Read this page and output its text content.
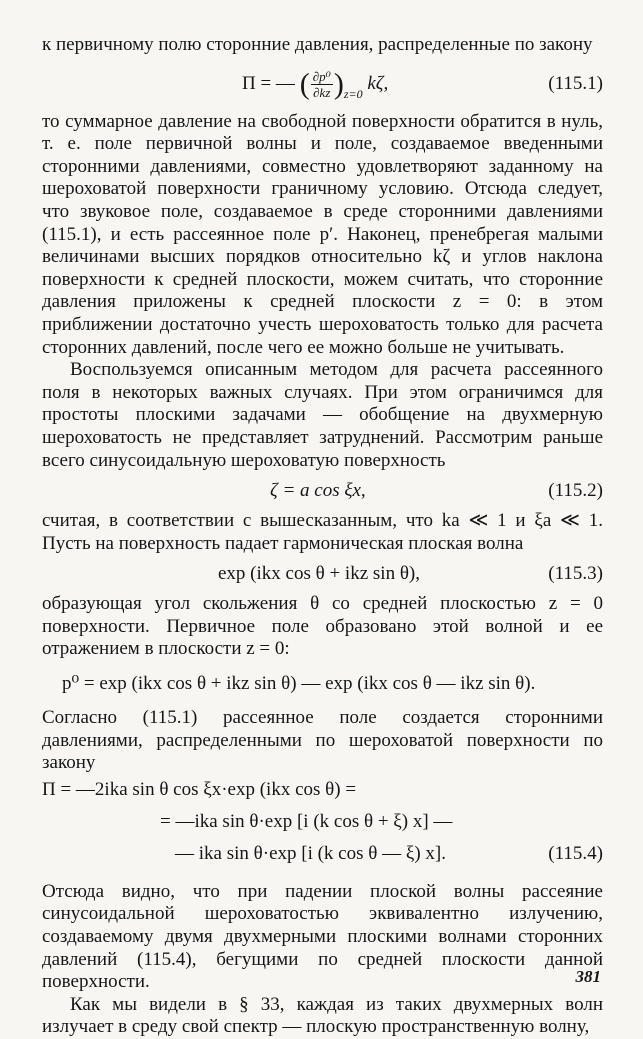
к первичному полю сторонние давления, распределенные по закону

Π = — ( $\frac{\text{∂p⁰}}{\partial kz} )_{z=0}$ kζ,	(115.1)

то суммарное давление на свободной поверхности обратится в нуль, т. е. поле первичной волны и поле, создаваемое введенными сторонними давлениями, совместно удовлетворяют заданному на шероховатой поверхности граничному условию. Отсюда следует, что звуковое поле, создаваемое в среде сторонними давлениями (115.1), и есть рассеянное поле p′. Наконец, пренебрегая малыми величинами высших порядков относительно kζ и углов наклона поверхности к средней плоскости, можем считать, что сторонние давления приложены к средней плоскости z = 0: в этом приближении достаточно учесть шероховатость только для расчета сторонних давлений, после чего ее можно больше не учитывать.

Воспользуемся описанным методом для расчета рассеянного поля в некоторых важных случаях. При этом ограничимся для простоты плоскими задачами — обобщение на двухмерную шероховатость не представляет затруднений. Рассмотрим раньше всего синусоидальную шероховатую поверхность

ζ = a cos ξx,	(115.2)

считая, в соответствии с вышесказанным, что ka ≪ 1 и ξa ≪ 1. Пусть на поверхность падает гармоническая плоская волна

exp (ikx cos θ + ikz sin θ),	(115.3)

образующая угол скольжения θ со средней плоскостью z = 0 поверхности. Первичное поле образовано этой волной и ее отражением в плоскости z = 0:

p⁰ = exp (ikx cos θ + ikz sin θ) — exp (ikx cos θ — ikz sin θ).

Согласно (115.1) рассеянное поле создается сторонними давлениями, распределенными по шероховатой поверхности по закону

Π = —2ika sin θ cos ξx·exp (ikx cos θ) =
= —ika sin θ·exp [i (k cos θ + ξ) x] —
— ika sin θ·exp [i (k cos θ — ξ) x].	(115.4)

Отсюда видно, что при падении плоской волны рассеяние синусоидальной шероховатостью эквивалентно излучению, создаваемому двумя двухмерными плоскими волнами сторонних давлений (115.4), бегущими по средней плоскости данной поверхности.

Как мы видели в § 33, каждая из таких двухмерных волн излучает в среду свой спектр — плоскую пространственную волну,

381
